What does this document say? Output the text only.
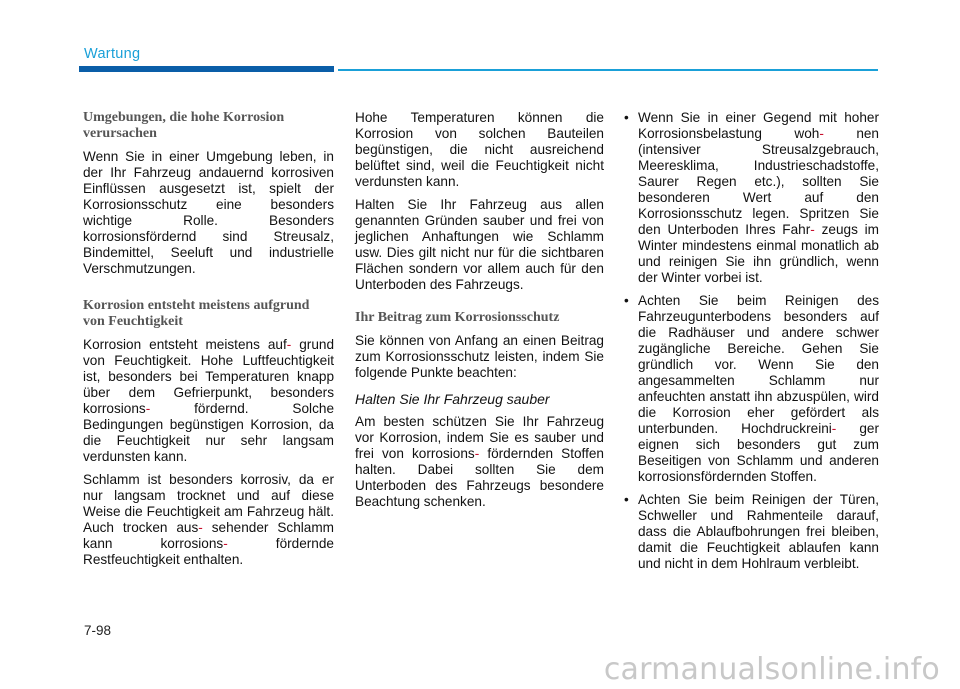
Wartung
Umgebungen, die hohe Korrosion verursachen

Wenn Sie in einer Umgebung leben, in der Ihr Fahrzeug andauernd korrosiven Einflüssen ausgesetzt ist, spielt der Korrosionsschutz eine besonders wichtige Rolle. Besonders korrosionsfördernd sind Streusalz, Bindemittel, Seeluft und industrielle Verschmutzungen.

Korrosion entsteht meistens aufgrund von Feuchtigkeit

Korrosion entsteht meistens auf- grund von Feuchtigkeit. Hohe Luftfeuchtigkeit ist, besonders bei Temperaturen knapp über dem Gefrierpunkt, besonders korrosions-	fördernd. Solche Bedingungen begünstigen Korrosion, da die Feuchtigkeit nur sehr langsam verdunsten kann.

Schlamm ist besonders korrosiv, da er nur langsam trocknet und auf diese Weise die Feuchtigkeit am Fahrzeug hält. Auch trocken aus- sehender Schlamm kann korrosions-	fördernde Restfeuchtigkeit enthalten.

Hohe Temperaturen können die Korrosion von solchen Bauteilen begünstigen, die nicht ausreichend belüftet sind, weil die Feuchtigkeit nicht verdunsten kann.

Halten Sie Ihr Fahrzeug aus allen genannten Gründen sauber und frei von jeglichen Anhaftungen wie Schlamm usw. Dies gilt nicht nur für die sichtbaren Flächen sondern vor allem auch für den Unterboden des Fahrzeugs.

Ihr Beitrag zum Korrosionsschutz

Sie können von Anfang an einen Beitrag zum Korrosionsschutz leisten, indem Sie folgende Punkte beachten:

Halten Sie Ihr Fahrzeug sauber

Am besten schützen Sie Ihr Fahrzeug vor Korrosion, indem Sie es sauber und frei von korrosions- fördernden Stoffen halten. Dabei sollten Sie dem Unterboden des Fahrzeugs besondere Beachtung schenken.

• Wenn Sie in einer Gegend mit hoher Korrosionsbelastung woh- nen (intensiver Streusalzgebrauch, Meeresklima, Industrieschadstoffe, Saurer Regen etc.), sollten Sie besonderen Wert auf den Korrosionsschutz legen. Spritzen Sie den Unterboden Ihres Fahr- zeugs im Winter mindestens einmal monatlich ab und reinigen Sie ihn gründlich, wenn der Winter vorbei ist.
• Achten Sie beim Reinigen des Fahrzeugunterbodens besonders auf die Radhäuser und andere schwer zugängliche Bereiche. Gehen Sie gründlich vor. Wenn Sie den angesammelten Schlamm nur anfeuchten anstatt ihn abzuspülen, wird die Korrosion eher gefördert als unterbunden. Hochdruckreini- ger eignen sich besonders gut zum Beseitigen von Schlamm und anderen korrosionsfördernden Stoffen.
• Achten Sie beim Reinigen der Türen, Schweller und Rahmenteile darauf, dass die Ablaufbohrungen frei bleiben, damit die Feuchtigkeit ablaufen kann und nicht in dem Hohlraum verbleibt.
7-98
carmanualsonline.info
